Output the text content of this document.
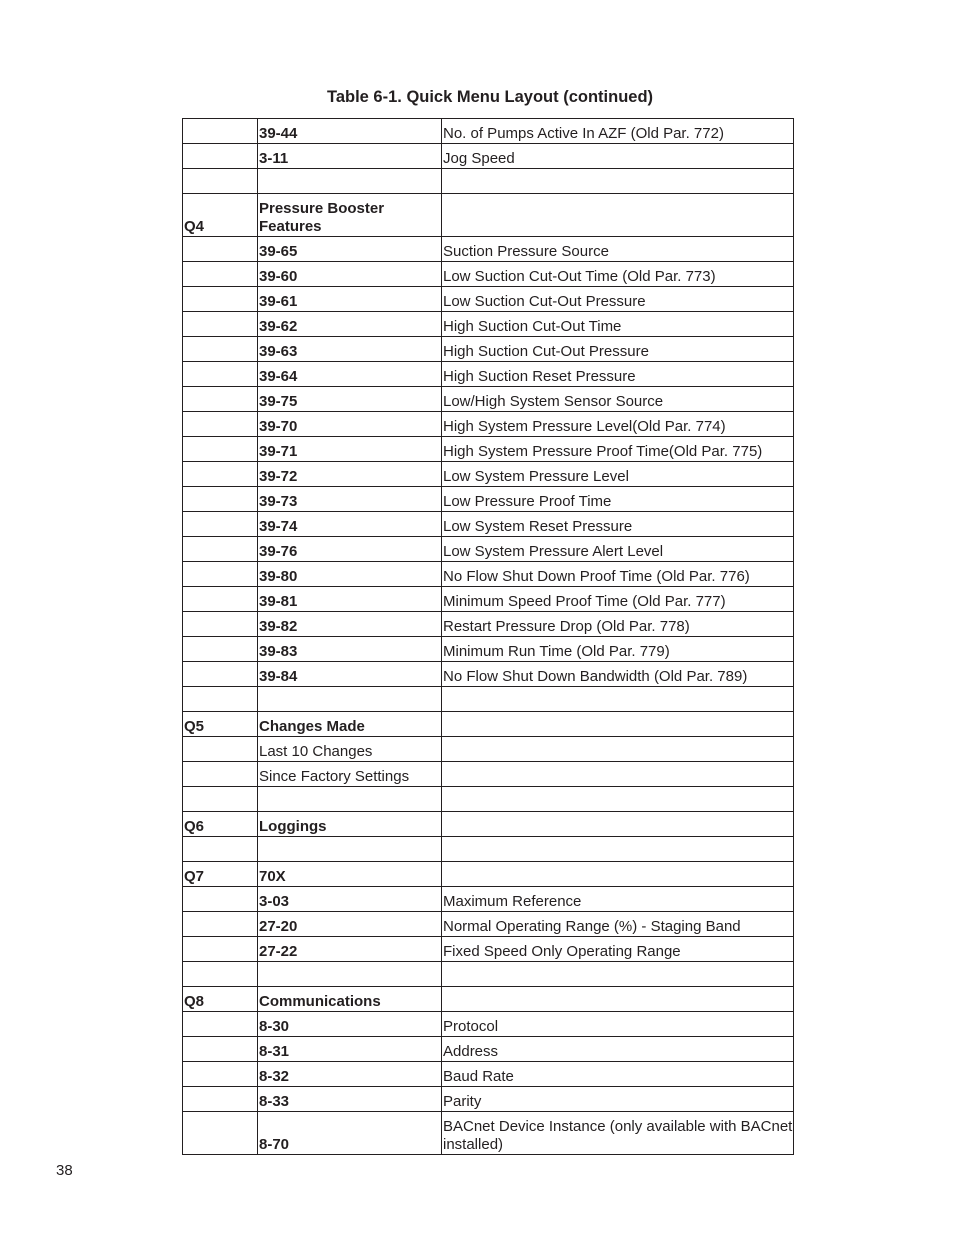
Table 6-1. Quick Menu Layout (continued)
	39-44	No. of Pumps Active In AZF (Old Par. 772)
	3-11	Jog Speed

Q4	Pressure Booster Features	
	39-65	Suction Pressure Source
	39-60	Low Suction Cut-Out Time (Old Par. 773)
	39-61	Low Suction Cut-Out Pressure
	39-62	High Suction Cut-Out Time
	39-63	High Suction Cut-Out Pressure
	39-64	High Suction Reset Pressure
	39-75	Low/High System Sensor Source
	39-70	High System Pressure Level(Old Par. 774)
	39-71	High System Pressure Proof Time(Old Par. 775)
	39-72	Low System Pressure Level
	39-73	Low Pressure Proof Time
	39-74	Low System Reset Pressure
	39-76	Low System Pressure Alert Level
	39-80	No Flow Shut Down Proof Time (Old Par. 776)
	39-81	Minimum Speed Proof Time (Old Par. 777)
	39-82	Restart Pressure Drop (Old Par. 778)
	39-83	Minimum Run Time (Old Par. 779)
	39-84	No Flow Shut Down Bandwidth (Old Par. 789)

Q5	Changes Made	
	Last 10 Changes	
	Since Factory Settings	

Q6	Loggings	

Q7	70X	
	3-03	Maximum Reference
	27-20	Normal Operating Range (%) - Staging Band
	27-22	Fixed Speed Only Operating Range

Q8	Communications	
	8-30	Protocol
	8-31	Address
	8-32	Baud Rate
	8-33	Parity
	8-70	BACnet Device Instance (only available with BACnet installed)
38
